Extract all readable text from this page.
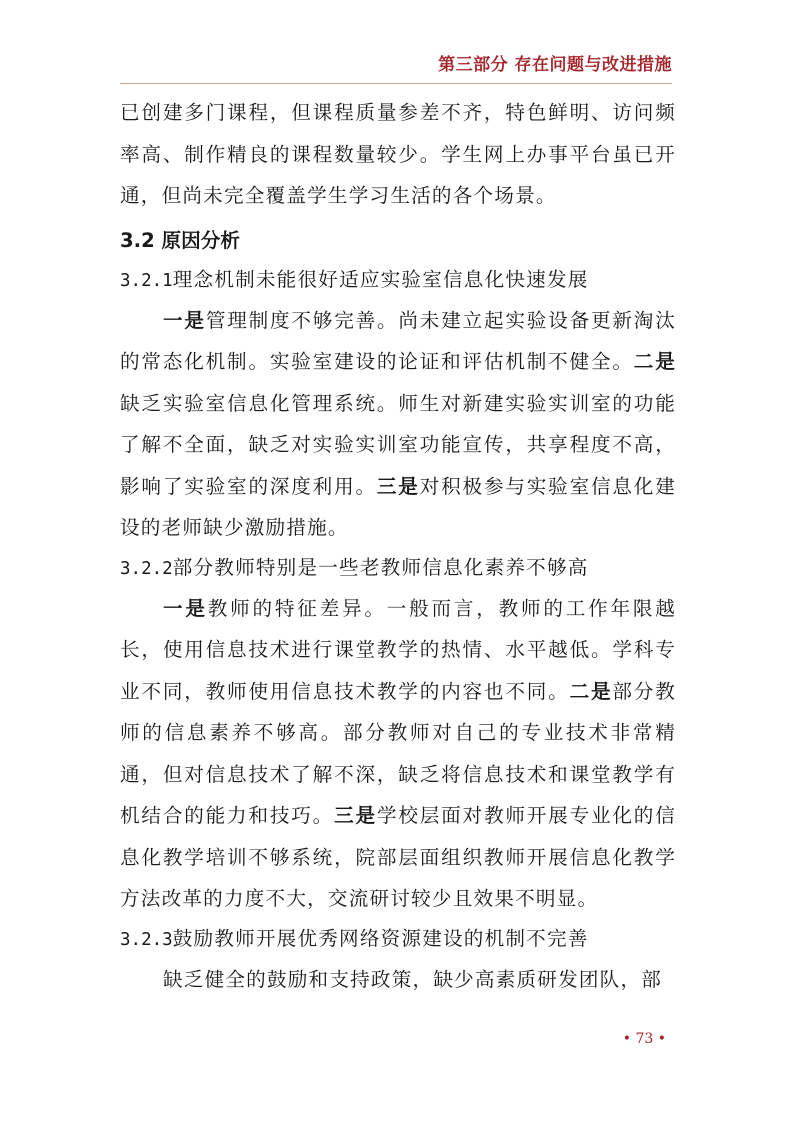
第三部分 存在问题与改进措施

已创建多门课程，但课程质量参差不齐，特色鲜明、访问频率高、制作精良的课程数量较少。学生网上办事平台虽已开通，但尚未完全覆盖学生学习生活的各个场景。

3.2 原因分析
3.2.1理念机制未能很好适应实验室信息化快速发展

一是管理制度不够完善。尚未建立起实验设备更新淘汰的常态化机制。实验室建设的论证和评估机制不健全。二是缺乏实验室信息化管理系统。师生对新建实验实训室的功能了解不全面，缺乏对实验实训室功能宣传，共享程度不高，影响了实验室的深度利用。三是对积极参与实验室信息化建设的老师缺少激励措施。

3.2.2部分教师特别是一些老教师信息化素养不够高

一是教师的特征差异。一般而言，教师的工作年限越长，使用信息技术进行课堂教学的热情、水平越低。学科专业不同，教师使用信息技术教学的内容也不同。二是部分教师的信息素养不够高。部分教师对自己的专业技术非常精通，但对信息技术了解不深，缺乏将信息技术和课堂教学有机结合的能力和技巧。三是学校层面对教师开展专业化的信息化教学培训不够系统，院部层面组织教师开展信息化教学方法改革的力度不大，交流研讨较少且效果不明显。

3.2.3鼓励教师开展优秀网络资源建设的机制不完善

缺乏健全的鼓励和支持政策，缺少高素质研发团队，部

• 73 •
